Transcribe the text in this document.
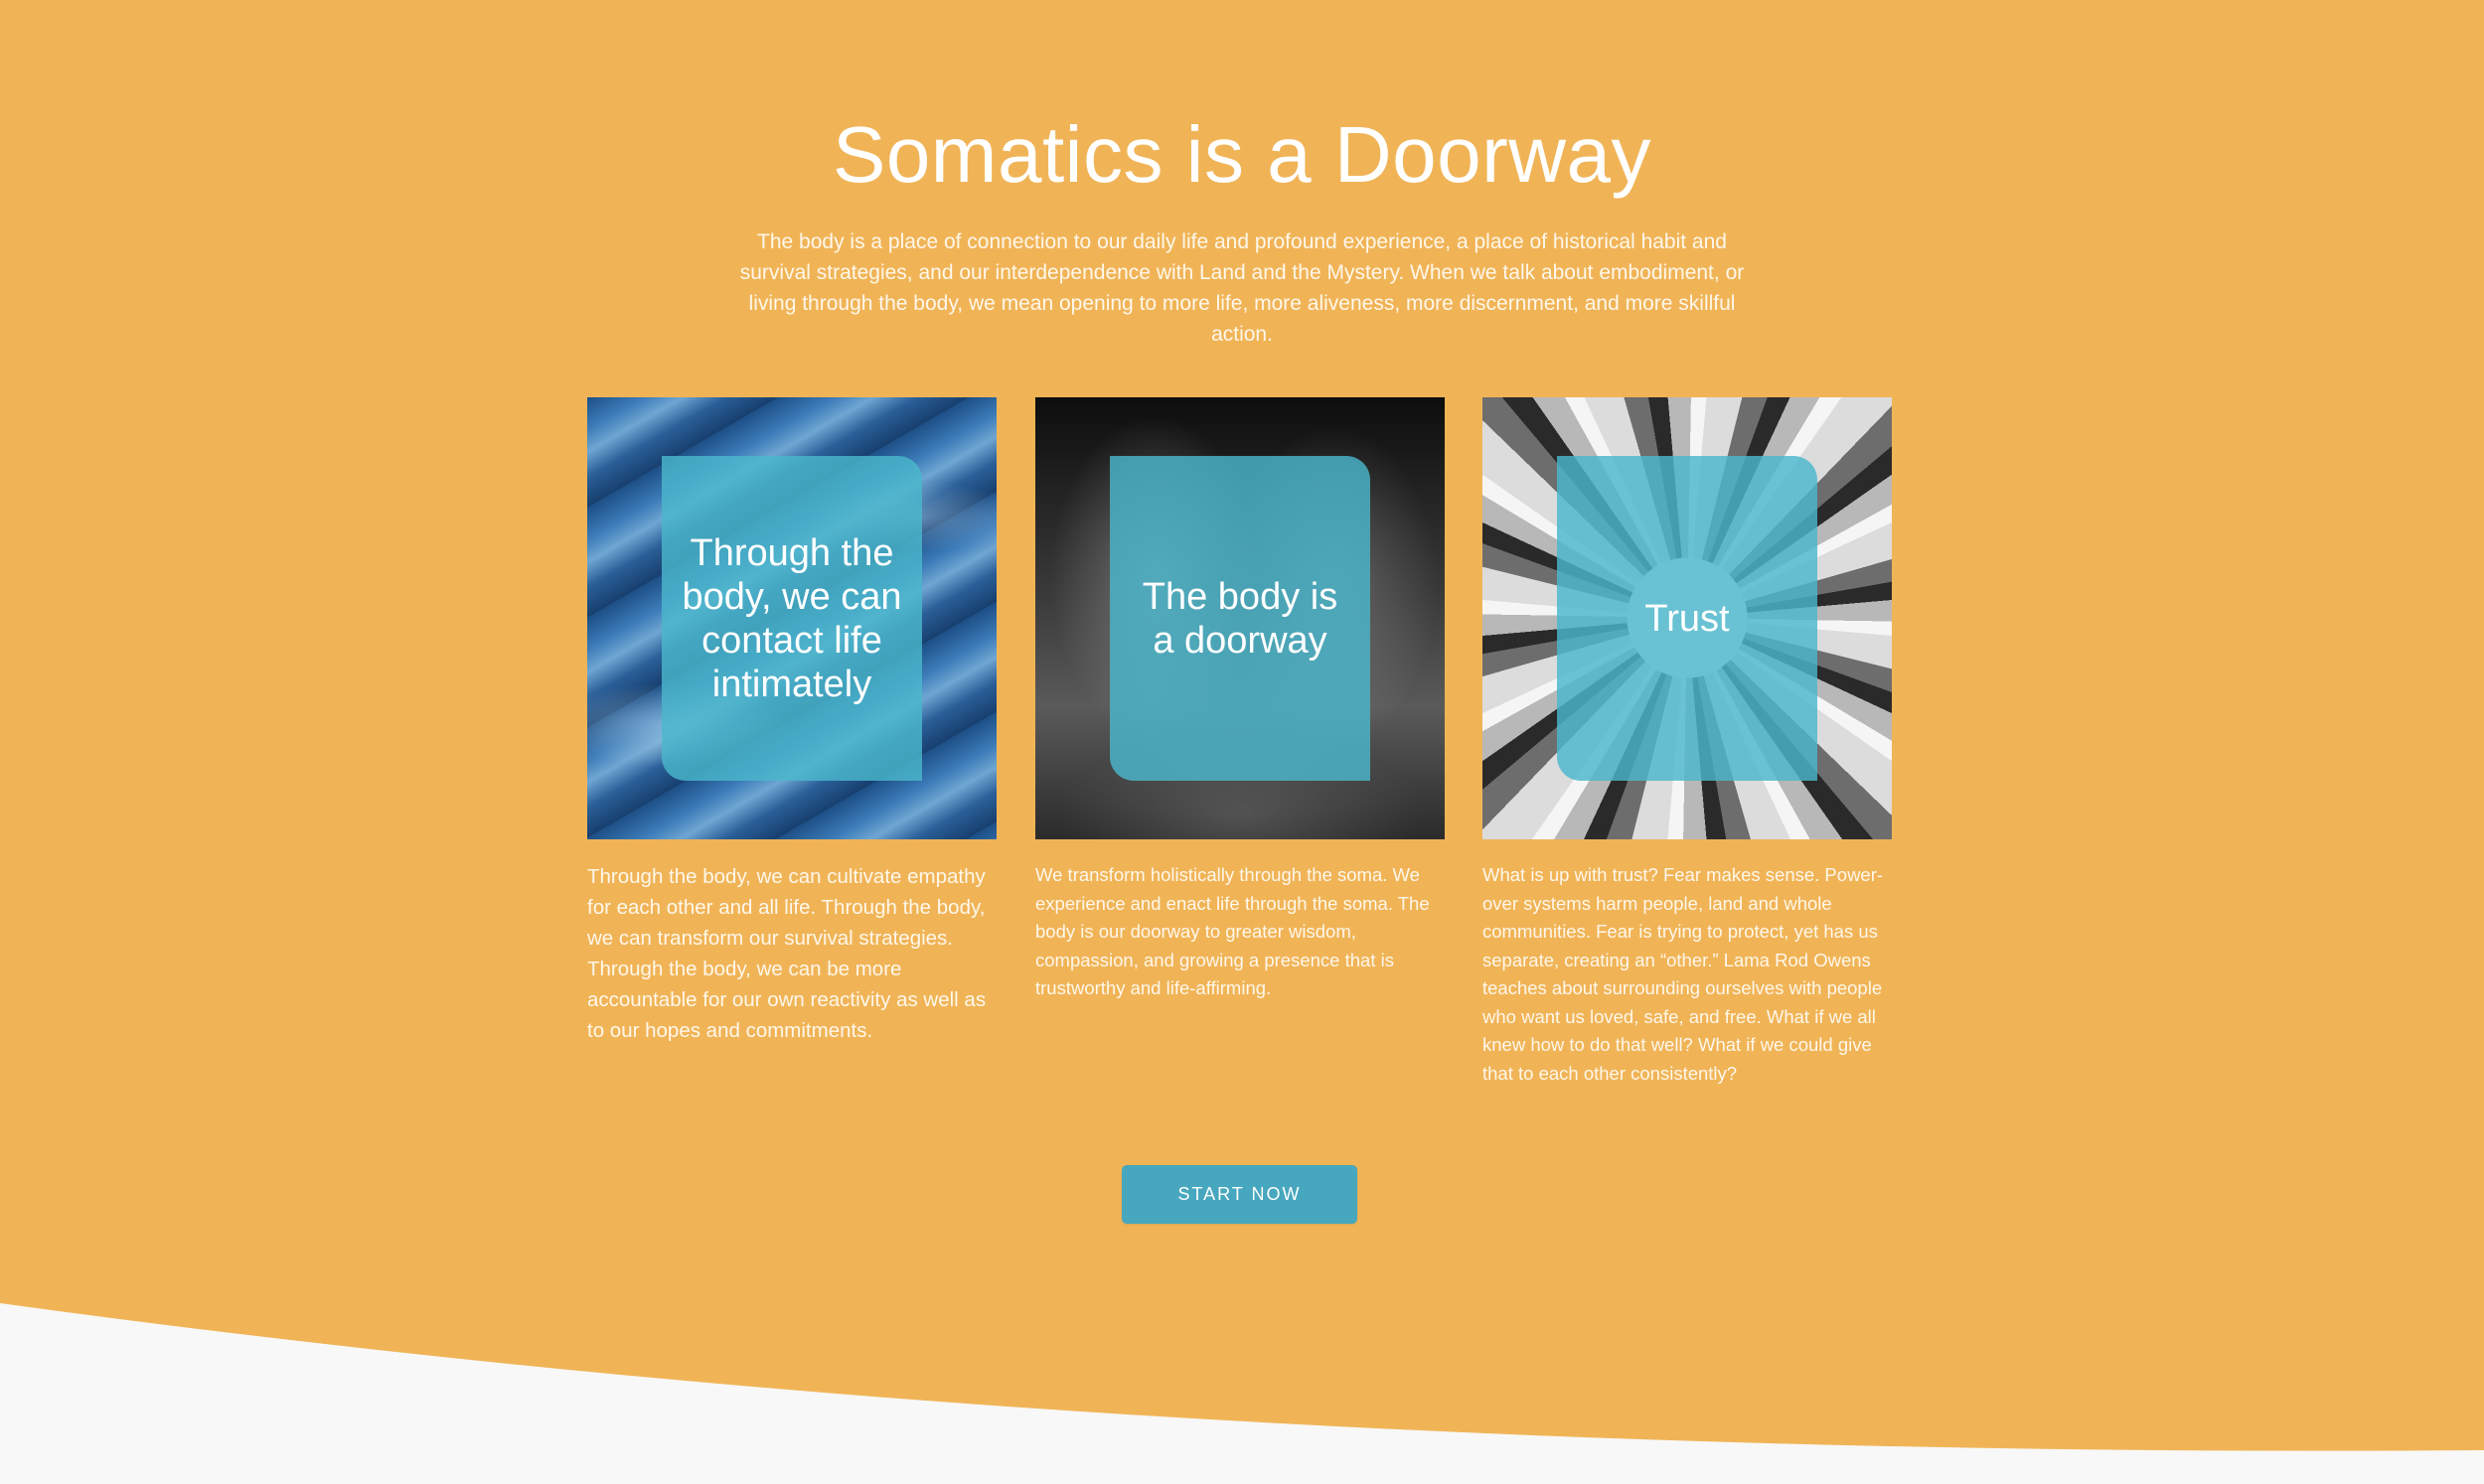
Somatics is a Doorway

The body is a place of connection to our daily life and profound experience, a place of historical habit and survival strategies, and our interdependence with Land and the Mystery. When we talk about embodiment, or living through the body, we mean opening to more life, more aliveness, more discernment, and more skillful action.

Through the body, we can contact life intimately

Through the body, we can cultivate empathy for each other and all life. Through the body, we can transform our survival strategies. Through the body, we can be more accountable for our own reactivity as well as to our hopes and commitments.

The body is a doorway

We transform holistically through the soma. We experience and enact life through the soma. The body is our doorway to greater wisdom, compassion, and growing a presence that is trustworthy and life-affirming.

Trust

What is up with trust? Fear makes sense. Power-over systems harm people, land and whole communities. Fear is trying to protect, yet has us separate, creating an “other.” Lama Rod Owens teaches about surrounding ourselves with people who want us loved, safe, and free. What if we all knew how to do that well? What if we could give that to each other consistently?

START NOW
